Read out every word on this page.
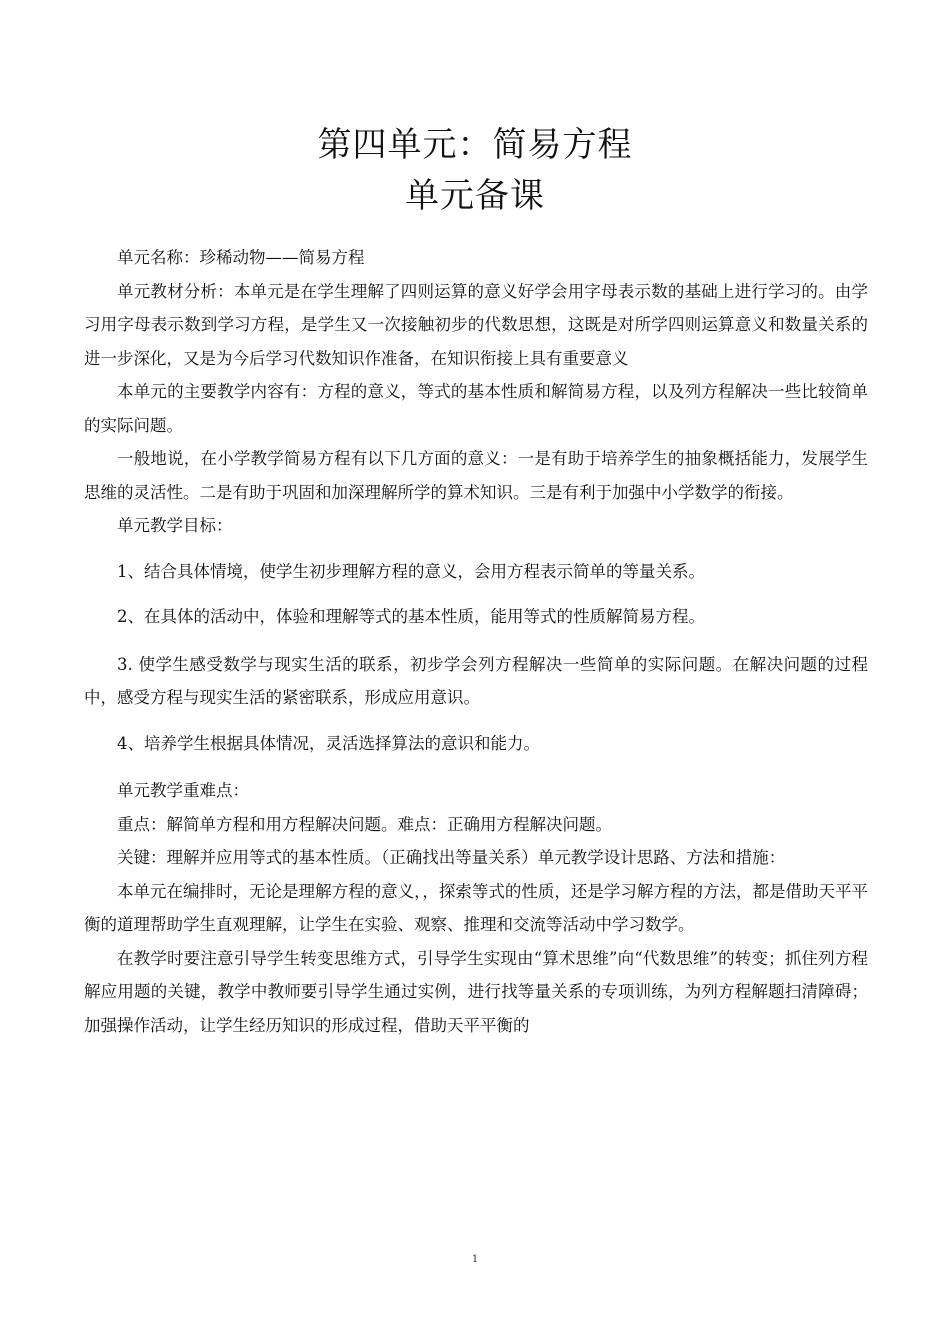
第四单元：简易方程
单元备课

单元名称：珍稀动物——简易方程

单元教材分析：本单元是在学生理解了四则运算的意义好学会用字母表示数的基础上进行学习的。由学习用字母表示数到学习方程，是学生又一次接触初步的代数思想，这既是对所学四则运算意义和数量关系的进一步深化，又是为今后学习代数知识作准备，在知识衔接上具有重要意义

本单元的主要教学内容有：方程的意义，等式的基本性质和解简易方程，以及列方程解决一些比较简单的实际问题。

一般地说，在小学教学简易方程有以下几方面的意义：一是有助于培养学生的抽象概括能力，发展学生思维的灵活性。二是有助于巩固和加深理解所学的算术知识。三是有利于加强中小学数学的衔接。

单元教学目标：

1、结合具体情境，使学生初步理解方程的意义，会用方程表示简单的等量关系。

2、在具体的活动中，体验和理解等式的基本性质，能用等式的性质解简易方程。

3. 使学生感受数学与现实生活的联系，初步学会列方程解决一些简单的实际问题。在解决问题的过程中，感受方程与现实生活的紧密联系，形成应用意识。

4、培养学生根据具体情况，灵活选择算法的意识和能力。

单元教学重难点：

重点：解简单方程和用方程解决问题。难点：正确用方程解决问题。

关键：理解并应用等式的基本性质。（正确找出等量关系）单元教学设计思路、方法和措施：

本单元在编排时，无论是理解方程的意义，，探索等式的性质，还是学习解方程的方法，都是借助天平平衡的道理帮助学生直观理解，让学生在实验、观察、推理和交流等活动中学习数学。

在教学时要注意引导学生转变思维方式，引导学生实现由“算术思维”向“代数思维”的转变；抓住列方程解应用题的关键，教学中教师要引导学生通过实例，进行找等量关系的专项训练，为列方程解题扫清障碍；加强操作活动，让学生经历知识的形成过程，借助天平平衡的

1
